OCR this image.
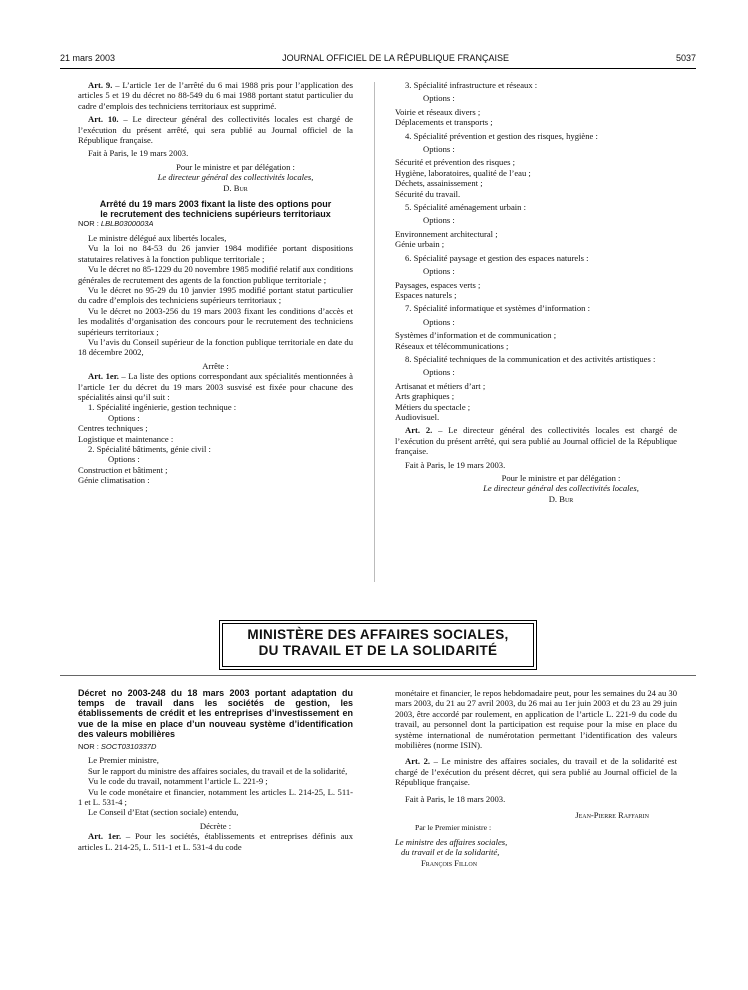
21 mars 2003	JOURNAL OFFICIEL DE LA RÉPUBLIQUE FRANÇAISE	5037

Art. 9. – L’article 1er de l’arrêté du 6 mai 1988 pris pour l’application des articles 5 et 19 du décret no 88-549 du 6 mai 1988 portant statut particulier du cadre d’emplois des techniciens territoriaux est supprimé.

Art. 10. – Le directeur général des collectivités locales est chargé de l’exécution du présent arrêté, qui sera publié au Journal officiel de la République française.

Fait à Paris, le 19 mars 2003.

Pour le ministre et par délégation :

Le directeur général des collectivités locales,

D. Bur

Arrêté du 19 mars 2003 fixant la liste des options pour le recrutement des techniciens supérieurs territoriaux

NOR : LBLB0300003A

Le ministre délégué aux libertés locales,

Vu la loi no 84-53 du 26 janvier 1984 modifiée portant dispositions statutaires relatives à la fonction publique territoriale ;

Vu le décret no 85-1229 du 20 novembre 1985 modifié relatif aux conditions générales de recrutement des agents de la fonction publique territoriale ;

Vu le décret no 95-29 du 10 janvier 1995 modifié portant statut particulier du cadre d’emplois des techniciens supérieurs territoriaux ;

Vu le décret no 2003-256 du 19 mars 2003 fixant les conditions d’accès et les modalités d’organisation des concours pour le recrutement des techniciens supérieurs territoriaux ;

Vu l’avis du Conseil supérieur de la fonction publique territoriale en date du 18 décembre 2002,

Arrête :

Art. 1er. – La liste des options correspondant aux spécialités mentionnées à l’article 1er du décret du 19 mars 2003 susvisé est fixée pour chacune des spécialités ainsi qu’il suit :

1. Spécialité ingénierie, gestion technique :

Options :

Centres techniques ;

Logistique et maintenance :

2. Spécialité bâtiments, génie civil :

Options :

Construction et bâtiment ;

Génie climatisation :

3. Spécialité infrastructure et réseaux :

Options :

Voirie et réseaux divers ;

Déplacements et transports ;

4. Spécialité prévention et gestion des risques, hygiène :

Options :

Sécurité et prévention des risques ;

Hygiène, laboratoires, qualité de l’eau ;

Déchets, assainissement ;

Sécurité du travail.

5. Spécialité aménagement urbain :

Options :

Environnement architectural ;

Génie urbain ;

6. Spécialité paysage et gestion des espaces naturels :

Options :

Paysages, espaces verts ;

Espaces naturels ;

7. Spécialité informatique et systèmes d’information :

Options :

Systèmes d’information et de communication ;

Réseaux et télécommunications ;

8. Spécialité techniques de la communication et des activités artistiques :

Options :

Artisanat et métiers d’art ;

Arts graphiques ;

Métiers du spectacle ;

Audiovisuel.

Art. 2. – Le directeur général des collectivités locales est chargé de l’exécution du présent arrêté, qui sera publié au Journal officiel de la République française.

Fait à Paris, le 19 mars 2003.

Pour le ministre et par délégation :

Le directeur général des collectivités locales,

D. Bur

MINISTÈRE DES AFFAIRES SOCIALES,
DU TRAVAIL ET DE LA SOLIDARITÉ

Décret no 2003-248 du 18 mars 2003 portant adaptation du temps de travail dans les sociétés de gestion, les établissements de crédit et les entreprises d’investissement en vue de la mise en place d’un nouveau système d’identification des valeurs mobilières

NOR : SOCT0310337D

Le Premier ministre,

Sur le rapport du ministre des affaires sociales, du travail et de la solidarité,

Vu le code du travail, notamment l’article L. 221-9 ;

Vu le code monétaire et financier, notamment les articles L. 214-25, L. 511-1 et L. 531-4 ;

Le Conseil d’Etat (section sociale) entendu,

Décrète :

Art. 1er. – Pour les sociétés, établissements et entreprises définis aux articles L. 214-25, L. 511-1 et L. 531-4 du code

monétaire et financier, le repos hebdomadaire peut, pour les semaines du 24 au 30 mars 2003, du 21 au 27 avril 2003, du 26 mai au 1er juin 2003 et du 23 au 29 juin 2003, être accordé par roulement, en application de l’article L. 221-9 du code du travail, au personnel dont la participation est requise pour la mise en place du système international de numérotation permettant l’identification des valeurs mobilières (norme ISIN).

Art. 2. – Le ministre des affaires sociales, du travail et de la solidarité est chargé de l’exécution du présent décret, qui sera publié au Journal officiel de la République française.

Fait à Paris, le 18 mars 2003.

Jean-Pierre Raffarin

Par le Premier ministre :

Le ministre des affaires sociales,

du travail et de la solidarité,

François Fillon
